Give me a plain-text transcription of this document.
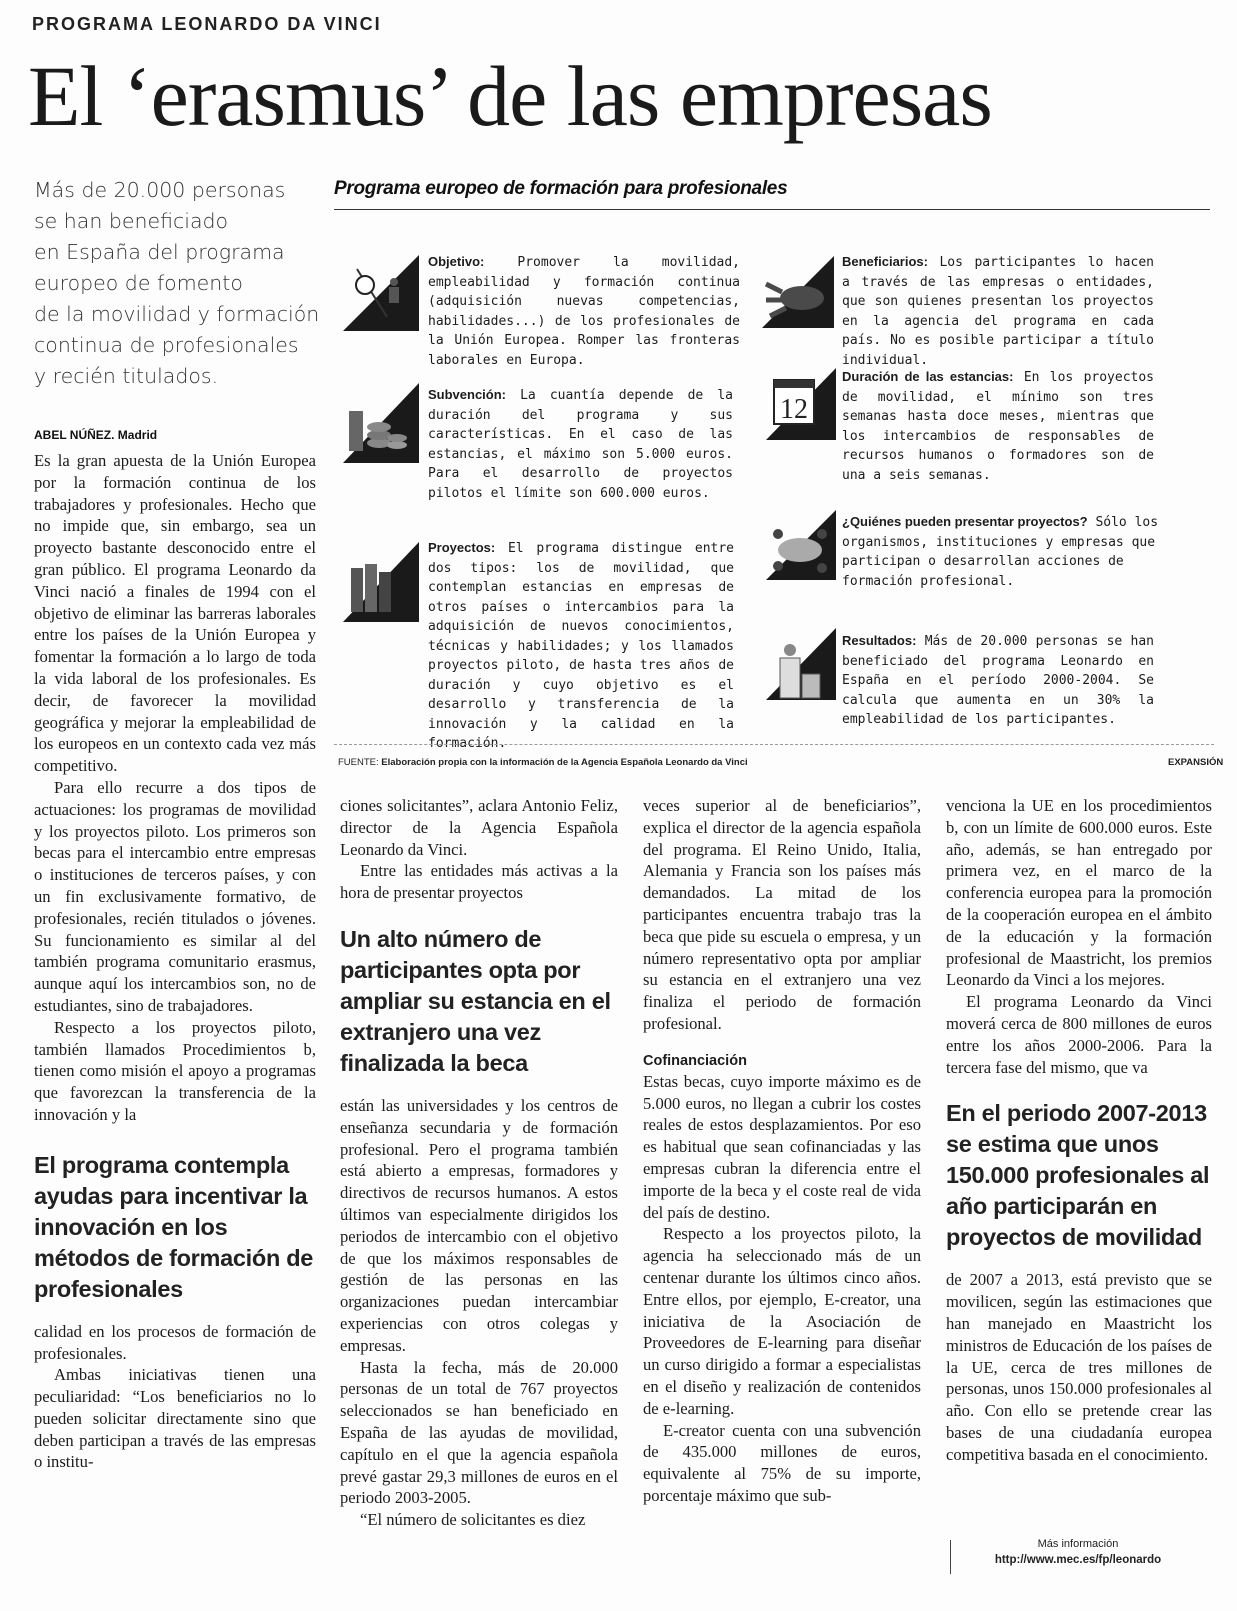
PROGRAMA LEONARDO DA VINCI
El ‘erasmus’ de las empresas
Más de 20.000 personas
se han beneficiado
en España del programa
europeo de fomento
de la movilidad y formación
continua de profesionales
y recién titulados.
ABEL NÚÑEZ. Madrid
Programa europeo de formación para profesionales
Objetivo:	Promover la movilidad, empleabilidad y formación continua (adquisición nuevas competencias, habilidades...) de los profesionales de la Unión Europea. Romper las fronteras laborales en Europa.
Beneficiarios: Los participantes lo hacen a través de las empresas o entidades, que son quienes presentan los proyectos en la agencia del programa en cada país. No es posible participar a título individual.
Subvención: La cuantía depende de la duración del programa y sus características. En el caso de las estancias, el máximo son 5.000 euros. Para el desarrollo de proyectos pilotos el límite son 600.000 euros.
12
Duración de las estancias: En los proyectos de movilidad, el mínimo son tres semanas hasta doce meses, mientras que los intercambios de responsables de recursos humanos o formadores son de una a seis semanas.
¿Quiénes pueden presentar proyectos? Sólo los organismos, instituciones y empresas que participan o desarrollan acciones de formación profesional.
Proyectos: El programa distingue entre dos tipos: los de movilidad, que contemplan estancias en empresas de otros países o intercambios para la adquisición de nuevos conocimientos, técnicas y habilidades; y los llamados proyectos piloto, de hasta tres años de duración y cuyo objetivo es el desarrollo y transferencia de la innovación y la calidad en la formación.
Resultados: Más de 20.000 personas se han beneficiado del programa Leonardo en España en el período 2000-2004. Se calcula que aumenta en un 30% la empleabilidad de los participantes.
FUENTE: Elaboración propia con la información de la Agencia Española Leonardo da Vinci	EXPANSIÓN

Es la gran apuesta de la Unión Europea por la formación continua de los trabajadores y profesionales. Hecho que no impide que, sin embargo, sea un proyecto bastante desconocido entre el gran público. El programa Leonardo da Vinci nació a finales de 1994 con el objetivo de eliminar las barreras laborales entre los países de la Unión Europea y fomentar la formación a lo largo de toda la vida laboral de los profesionales. Es decir, de favorecer la movilidad geográfica y mejorar la empleabilidad de los europeos en un contexto cada vez más competitivo.

Para ello recurre a dos tipos de actuaciones: los programas de movilidad y los proyectos piloto. Los primeros son becas para el intercambio entre empresas o instituciones de terceros países, y con un fin exclusivamente formativo, de profesionales, recién titulados o jóvenes. Su funcionamiento es similar al del también programa comunitario erasmus, aunque aquí los intercambios son, no de estudiantes, sino de trabajadores.

Respecto a los proyectos piloto, también llamados Procedimientos b, tienen como misión el apoyo a programas que favorezcan la transferencia de la innovación y la

El programa contempla ayudas para incentivar la innovación en los métodos de formación de profesionales

calidad en los procesos de formación de profesionales.

Ambas iniciativas tienen una peculiaridad: “Los beneficiarios no lo pueden solicitar directamente sino que deben participan a través de las empresas o institu-

ciones solicitantes”, aclara Antonio Feliz, director de la Agencia Española Leonardo da Vinci.

Entre las entidades más activas a la hora de presentar proyectos

Un alto número de participantes opta por ampliar su estancia en el extranjero una vez finalizada la beca

están las universidades y los centros de enseñanza secundaria y de formación profesional. Pero el programa también está abierto a empresas, formadores y directivos de recursos humanos. A estos últimos van especialmente dirigidos los periodos de intercambio con el objetivo de que los máximos responsables de gestión de las personas en las organizaciones puedan intercambiar experiencias con otros colegas y empresas.

Hasta la fecha, más de 20.000 personas de un total de 767 proyectos seleccionados se han beneficiado en España de las ayudas de movilidad, capítulo en el que la agencia española prevé gastar 29,3 millones de euros en el periodo 2003-2005.

“El número de solicitantes es diez

veces superior al de beneficiarios”, explica el director de la agencia española del programa. El Reino Unido, Italia, Alemania y Francia son los países más demandados. La mitad de los participantes encuentra trabajo tras la beca que pide su escuela o empresa, y un número representativo opta por ampliar su estancia en el extranjero una vez finaliza el periodo de formación profesional.

Cofinanciación

Estas becas, cuyo importe máximo es de 5.000 euros, no llegan a cubrir los costes reales de estos desplazamientos. Por eso es habitual que sean cofinanciadas y las empresas cubran la diferencia entre el importe de la beca y el coste real de vida del país de destino.

Respecto a los proyectos piloto, la agencia ha seleccionado más de un centenar durante los últimos cinco años. Entre ellos, por ejemplo, E-creator, una iniciativa de la Asociación de Proveedores de E-learning para diseñar un curso dirigido a formar a especialistas en el diseño y realización de contenidos de e-learning.

E-creator cuenta con una subvención de 435.000 millones de euros, equivalente al 75% de su importe, porcentaje máximo que sub-

venciona la UE en los procedimientos b, con un límite de 600.000 euros. Este año, además, se han entregado por primera vez, en el marco de la conferencia europea para la promoción de la cooperación europea en el ámbito de la educación y la formación profesional de Maastricht, los premios Leonardo da Vinci a los mejores.

El programa Leonardo da Vinci moverá cerca de 800 millones de euros entre los años 2000-2006. Para la tercera fase del mismo, que va

En el periodo 2007-2013 se estima que unos 150.000 profesionales al año participarán en proyectos de movilidad

de 2007 a 2013, está previsto que se movilicen, según las estimaciones que han manejado en Maastricht los ministros de Educación de los países de la UE, cerca de tres millones de personas, unos 150.000 profesionales al año. Con ello se pretende crear las bases de una ciudadanía europea competitiva basada en el conocimiento.

Más información
http://www.mec.es/fp/leonardo
